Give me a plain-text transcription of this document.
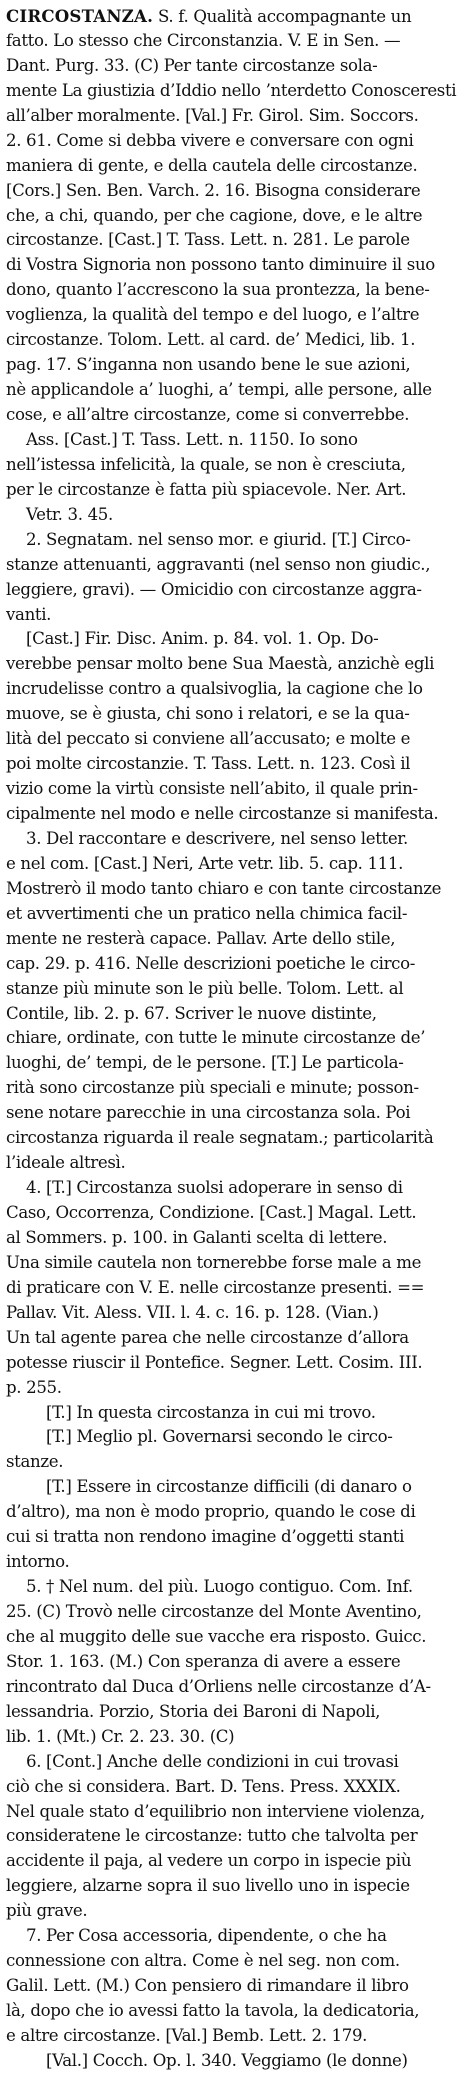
CIRCOSTANZA. S. f. Qualità accompagnante un
fatto. Lo stesso che Circonstanzia. V. E in Sen. —
Dant. Purg. 33. (C) Per tante circostanze sola-
mente La giustizia d’Iddio nello ’nterdetto Conosceresti
all’alber moralmente. [Val.] Fr. Girol. Sim. Soccors.
2. 61. Come si debba vivere e conversare con ogni
maniera di gente, e della cautela delle circostanze.
[Cors.] Sen. Ben. Varch. 2. 16. Bisogna considerare
che, a chi, quando, per che cagione, dove, e le altre
circostanze. [Cast.] T. Tass. Lett. n. 281. Le parole
di Vostra Signoria non possono tanto diminuire il suo
dono, quanto l’accrescono la sua prontezza, la bene-
voglienza, la qualità del tempo e del luogo, e l’altre
circostanze. Tolom. Lett. al card. de’ Medici, lib. 1.
pag. 17. S’inganna non usando bene le sue azioni,
nè applicandole a’ luoghi, a’ tempi, alle persone, alle
cose, e all’altre circostanze, come si converrebbe.
Ass. [Cast.] T. Tass. Lett. n. 1150. Io sono
nell’istessa infelicità, la quale, se non è cresciuta,
per le circostanze è fatta più spiacevole. Ner. Art.
Vetr. 3. 45.
2. Segnatam. nel senso mor. e giurid. [T.] Circo-
stanze attenuanti, aggravanti (nel senso non giudic.,
leggiere, gravi). — Omicidio con circostanze aggra-
vanti.
[Cast.] Fir. Disc. Anim. p. 84. vol. 1. Op. Do-
verebbe pensar molto bene Sua Maestà, anzichè egli
incrudelisse contro a qualsivoglia, la cagione che lo
muove, se è giusta, chi sono i relatori, e se la qua-
lità del peccato si conviene all’accusato; e molte e
poi molte circostanzie. T. Tass. Lett. n. 123. Così il
vizio come la virtù consiste nell’abito, il quale prin-
cipalmente nel modo e nelle circostanze si manifesta.
3. Del raccontare e descrivere, nel senso letter.
e nel com. [Cast.] Neri, Arte vetr. lib. 5. cap. 111.
Mostrerò il modo tanto chiaro e con tante circostanze
et avvertimenti che un pratico nella chimica facil-
mente ne resterà capace. Pallav. Arte dello stile,
cap. 29. p. 416. Nelle descrizioni poetiche le circo-
stanze più minute son le più belle. Tolom. Lett. al
Contile, lib. 2. p. 67. Scriver le nuove distinte,
chiare, ordinate, con tutte le minute circostanze de’
luoghi, de’ tempi, de le persone. [T.] Le particola-
rità sono circostanze più speciali e minute; posson-
sene notare parecchie in una circostanza sola. Poi
circostanza riguarda il reale segnatam.; particolarità
l’ideale altresì.
4. [T.] Circostanza suolsi adoperare in senso di
Caso, Occorrenza, Condizione. [Cast.] Magal. Lett.
al Sommers. p. 100. in Galanti scelta di lettere.
Una simile cautela non tornerebbe forse male a me
di praticare con V. E. nelle circostanze presenti. ==
Pallav. Vit. Aless. VII. l. 4. c. 16. p. 128. (Vian.)
Un tal agente parea che nelle circostanze d’allora
potesse riuscir il Pontefice. Segner. Lett. Cosim. III.
p. 255.
[T.] In questa circostanza in cui mi trovo.
[T.] Meglio pl. Governarsi secondo le circo-
stanze.
[T.] Essere in circostanze difficili (di danaro o
d’altro), ma non è modo proprio, quando le cose di
cui si tratta non rendono imagine d’oggetti stanti
intorno.
5. † Nel num. del più. Luogo contiguo. Com. Inf.
25. (C) Trovò nelle circostanze del Monte Aventino,
che al muggito delle sue vacche era risposto. Guicc.
Stor. 1. 163. (M.) Con speranza di avere a essere
rincontrato dal Duca d’Orliens nelle circostanze d’A-
lessandria. Porzio, Storia dei Baroni di Napoli,
lib. 1. (Mt.) Cr. 2. 23. 30. (C)
6. [Cont.] Anche delle condizioni in cui trovasi
ciò che si considera. Bart. D. Tens. Press. XXXIX.
Nel quale stato d’equilibrio non interviene violenza,
consideratene le circostanze: tutto che talvolta per
accidente il paja, al vedere un corpo in ispecie più
leggiere, alzarne sopra il suo livello uno in ispecie
più grave.
7. Per Cosa accessoria, dipendente, o che ha
connessione con altra. Come è nel seg. non com.
Galil. Lett. (M.) Con pensiero di rimandare il libro
là, dopo che io avessi fatto la tavola, la dedicatoria,
e altre circostanze. [Val.] Bemb. Lett. 2. 179.
[Val.] Cocch. Op. l. 340. Veggiamo (le donne)
